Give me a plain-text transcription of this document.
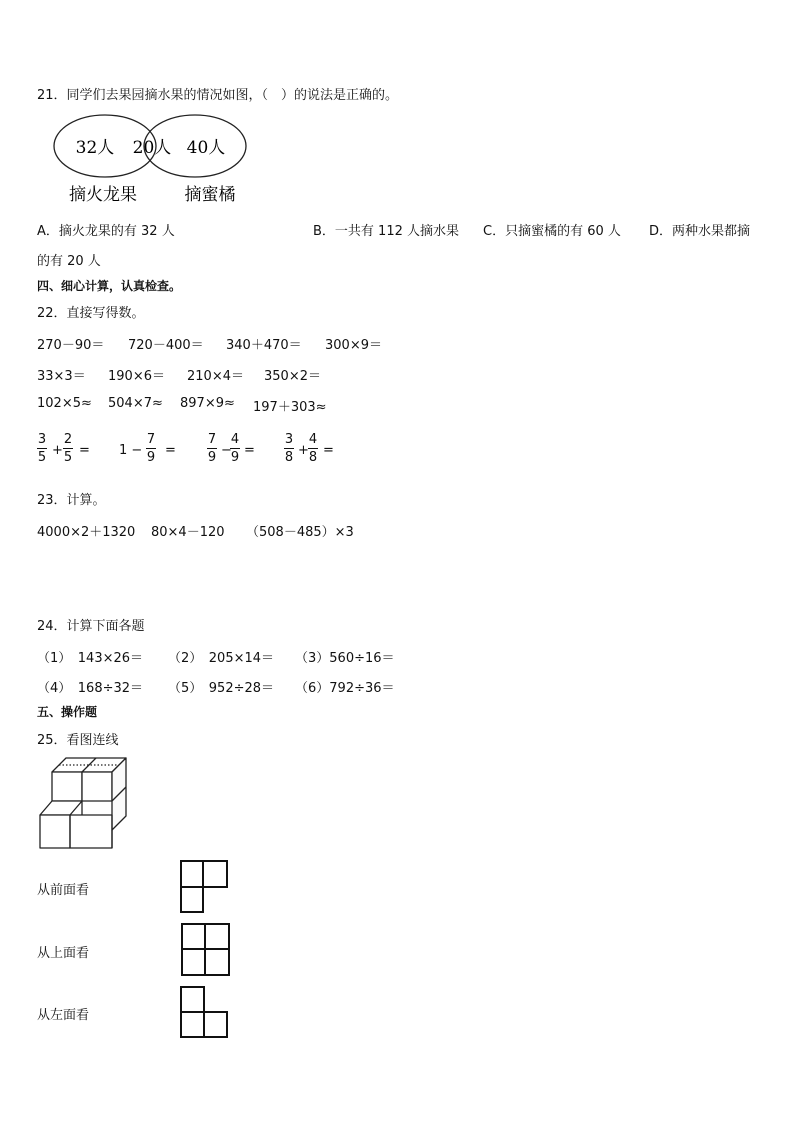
21．同学们去果园摘水果的情况如图，（　）的说法是正确的。
32人 20人 40人
摘火龙果	摘蜜橘
A．摘火龙果的有 32 人	B．一共有 112 人摘水果 C．只摘蜜橘的有 60 人 D．两种水果都摘
的有 20 人
四、细心计算，认真检查。
22．直接写得数。
270－90＝ 720－400＝ 340＋470＝ 300×9＝
33×3＝ 190×6＝ 210×4＝ 350×2＝
102×5≈ 504×7≈ 897×9≈ 197＋303≈
3
5 +
2
5 = 1 −
7
9 =
7
9 −
4
9 =
3
8 +
4
8 =
23．计算。
4000×2＋1320 80×4－120 （508－485）×3
24．计算下面各题
（1）　143×26＝ （2）　205×14＝ （3）560÷16＝
（4）　168÷32＝ （5）　952÷28＝ （6）792÷36＝
五、操作题
25．看图连线
从前面看
从上面看
从左面看
